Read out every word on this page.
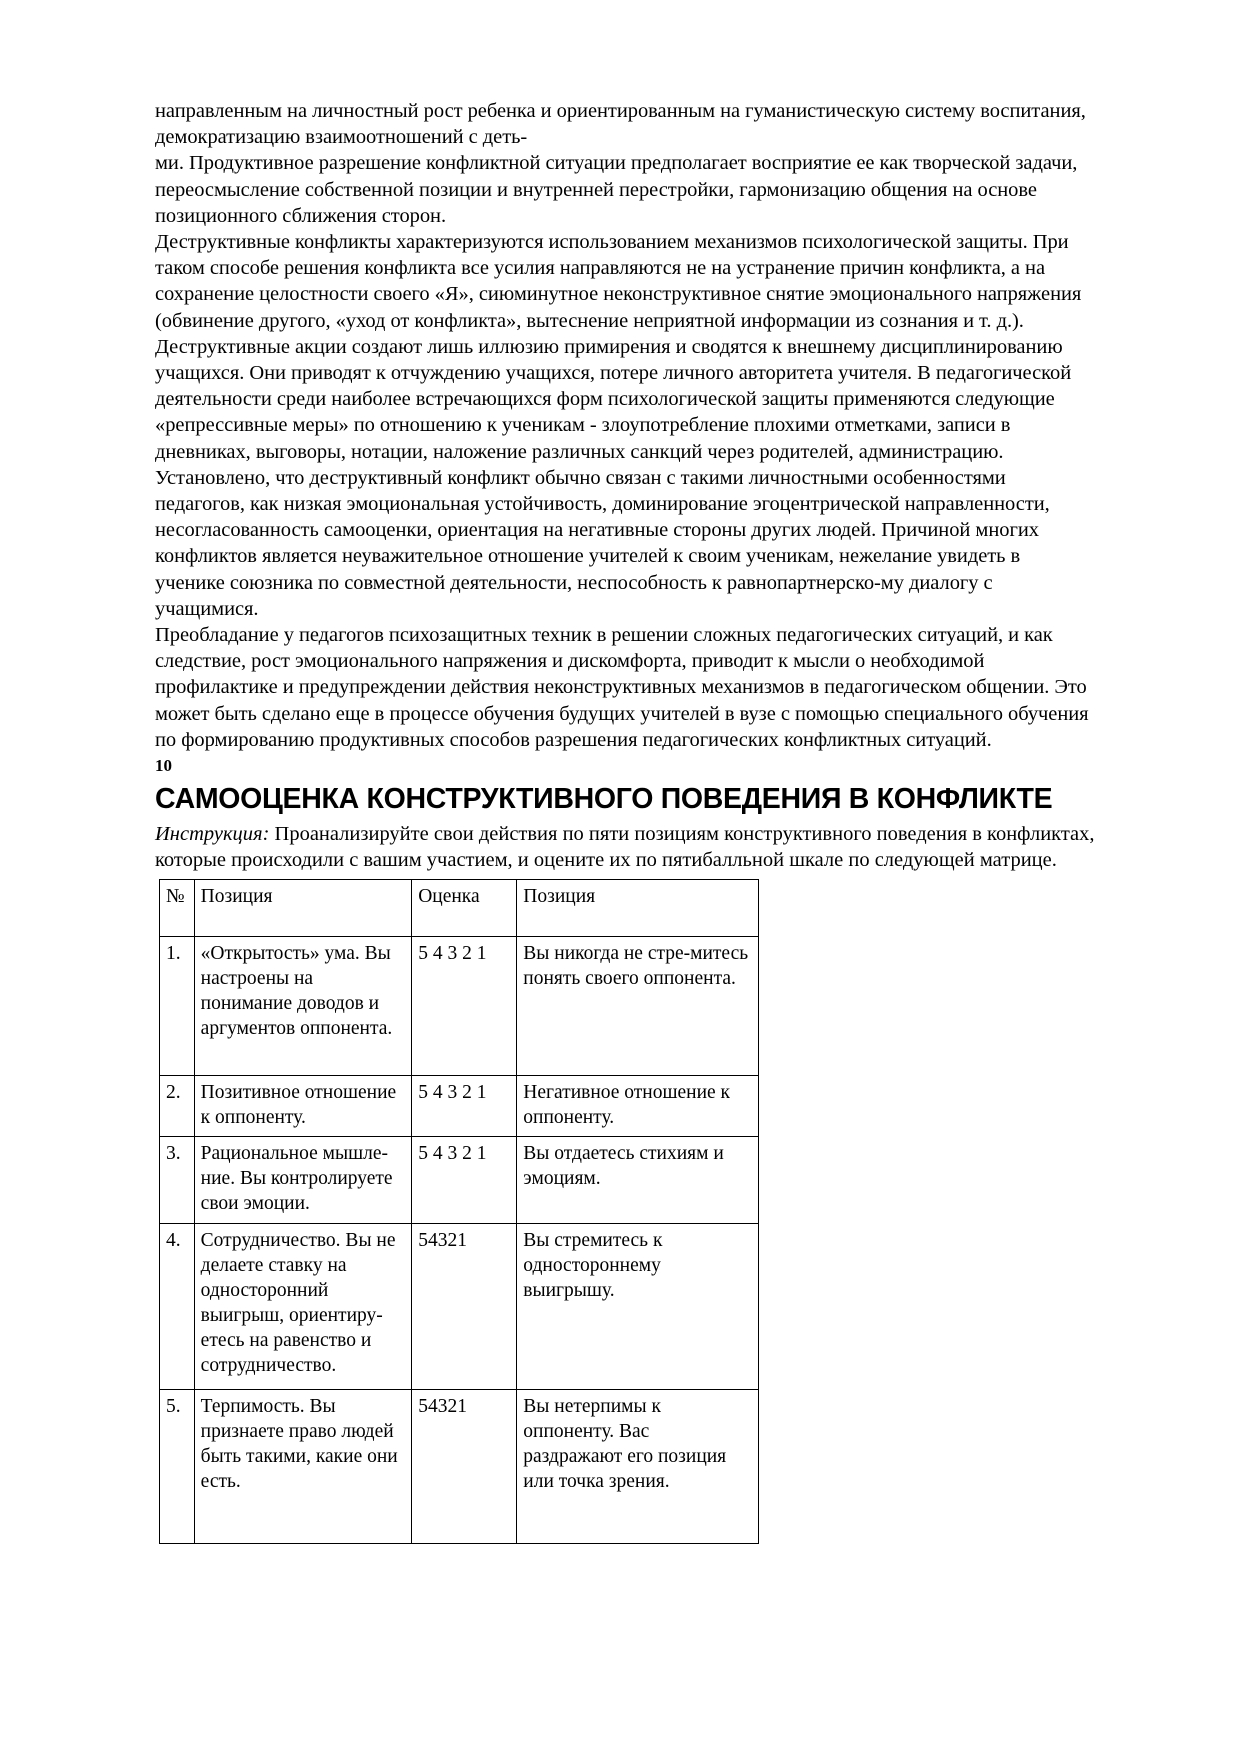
направленным на личностный рост ребенка и ориентированным на гуманистическую систему воспитания, демократизацию взаимоотношений с деть-

ми. Продуктивное разрешение конфликтной ситуации предполагает восприятие ее как творческой задачи, переосмысление собственной позиции и внутренней перестройки, гармонизацию общения на основе позиционного сближения сторон.

Деструктивные конфликты характеризуются использованием механизмов психологической защиты. При таком способе решения конфликта все усилия направляются не на устранение причин конфликта, а на сохранение целостности своего «Я», сиюминутное неконструктивное снятие эмоционального напряжения (обвинение другого, «уход от конфликта», вытеснение неприятной информации из сознания и т. д.). Деструктивные акции создают лишь иллюзию примирения и сводятся к внешнему дисциплинированию учащихся. Они приводят к отчуждению учащихся, потере личного авторитета учителя. В педагогической деятельности среди наиболее встречающихся форм психологической защиты применяются следующие «репрессивные меры» по отношению к ученикам - злоупотребление плохими отметками, записи в дневниках, выговоры, нотации, наложение различных санкций через родителей, администрацию.

Установлено, что деструктивный конфликт обычно связан с такими личностными особенностями педагогов, как низкая эмоциональная устойчивость, доминирование эгоцентрической направленности, несогласованность самооценки, ориентация на негативные стороны других людей. Причиной многих конфликтов является неуважительное отношение учителей к своим ученикам, нежелание увидеть в ученике союзника по совместной деятельности, неспособность к равнопартнерско-му диалогу с учащимися.

Преобладание у педагогов психозащитных техник в решении сложных педагогических ситуаций, и как следствие, рост эмоционального напряжения и дискомфорта, приводит к мысли о необходимой профилактике и предупреждении действия неконструктивных механизмов в педагогическом общении. Это может быть сделано еще в процессе обучения будущих учителей в вузе с помощью специального обучения по формированию продуктивных способов разрешения педагогических конфликтных ситуаций.

10
САМООЦЕНКА КОНСТРУКТИВНОГО ПОВЕДЕНИЯ В КОНФЛИКТЕ

Инструкция: Проанализируйте свои действия по пяти позициям конструктивного поведения в конфликтах, которые происходили с вашим участием, и оцените их по пятибалльной шкале по следующей матрице.

№	Позиция	Оценка	Позиция
1.	«Открытость» ума. Вы настроены на понимание доводов и аргументов оппонента.	5 4 3 2 1	Вы никогда не стре-митесь понять своего оппонента.
2.	Позитивное отношение к оппоненту.	5 4 3 2 1	Негативное отношение к оппоненту.
3.	Рациональное мышле-ние. Вы контролируете свои эмоции.	5 4 3 2 1	Вы отдаетесь стихиям и эмоциям.
4.	Сотрудничество. Вы не делаете ставку на односторонний выигрыш, ориентиру-етесь на равенство и сотрудничество.	54321	Вы стремитесь к одностороннему выигрышу.
5.	Терпимость. Вы признаете право людей быть такими, какие они есть.	54321	Вы нетерпимы к оппоненту. Вас раздражают его позиция или точка зрения.
